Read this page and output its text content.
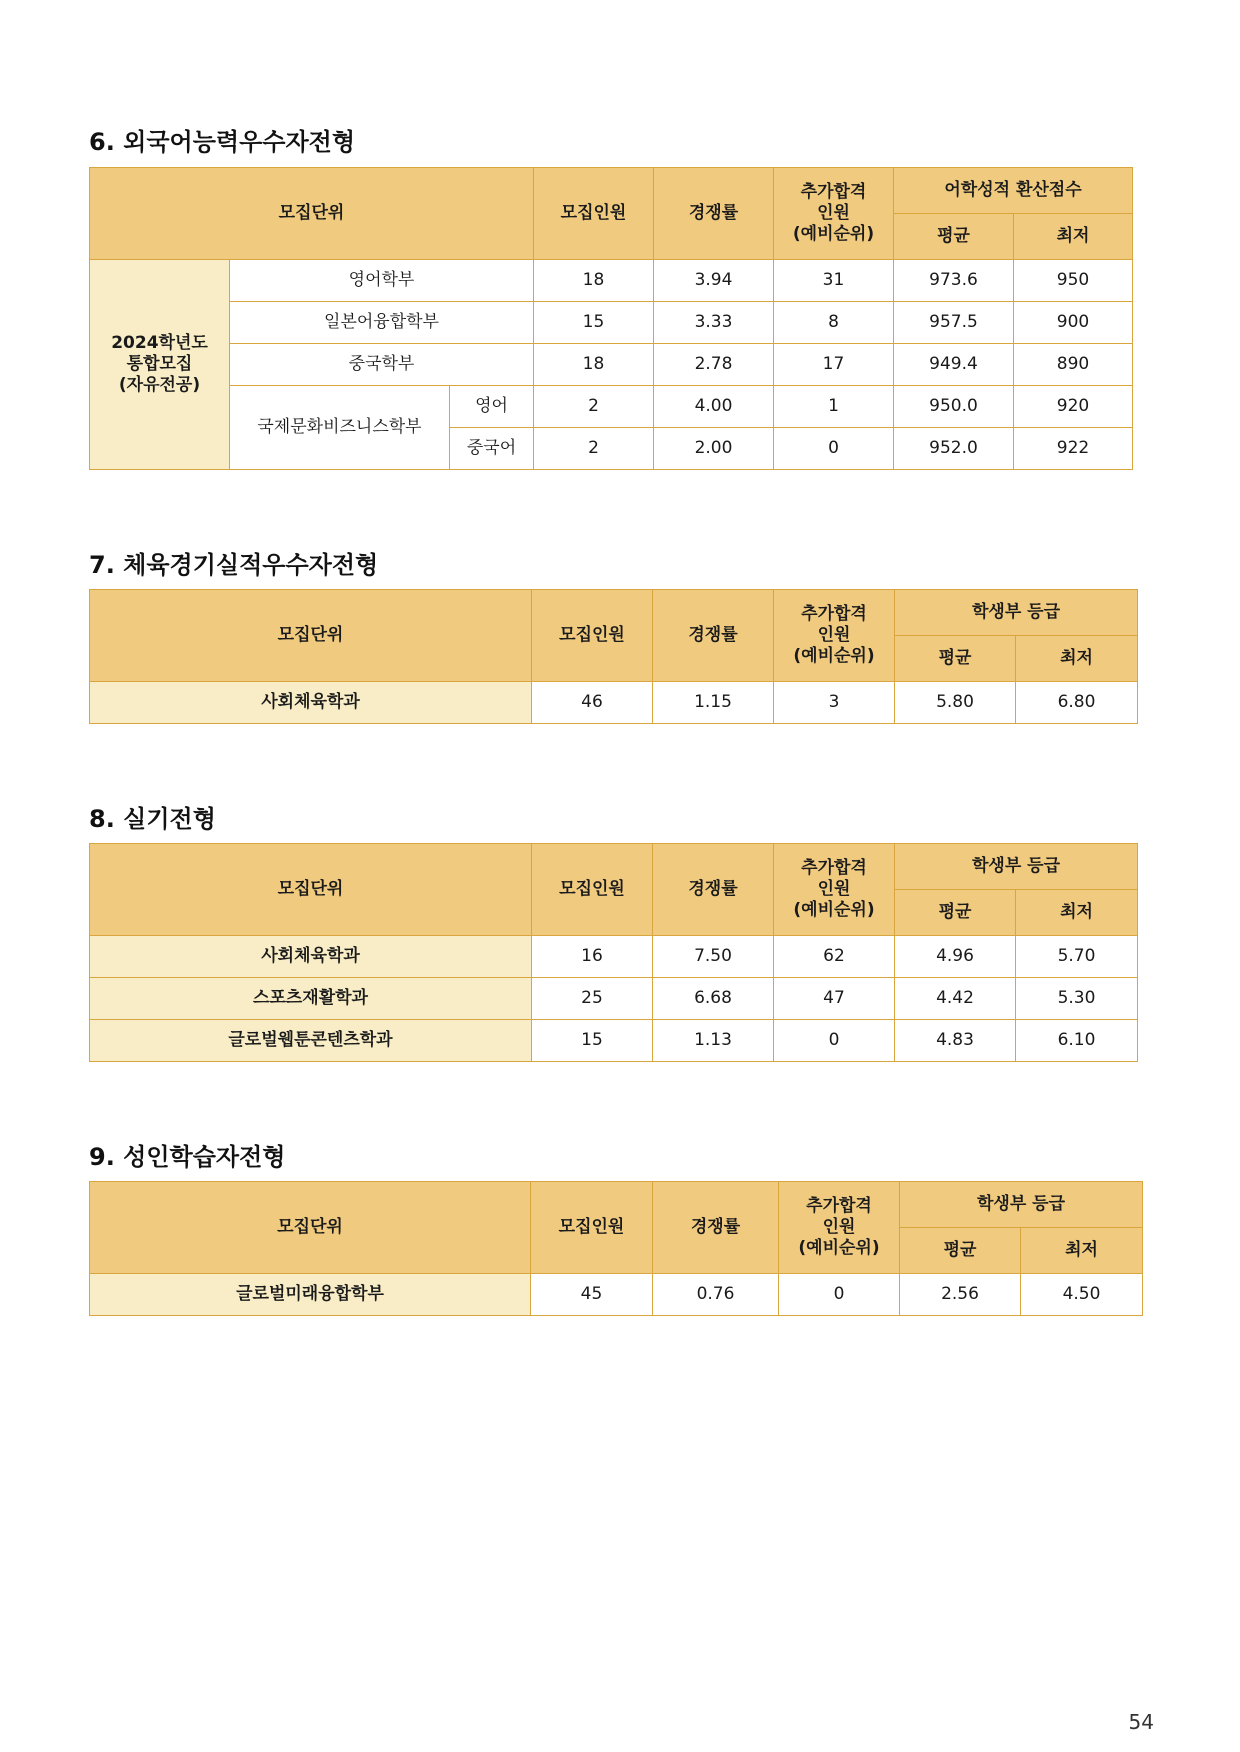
6. 외국어능력우수자전형
모집단위			모집인원	경쟁률	추가합격
인원
(예비순위)	어학성적 환산점수	
						평균	최저

2024학년도
통합모집
(자유전공)	영어학부		18	3.94	31	973.6	950
	일본어융합학부		15	3.33	8	957.5	900
	중국학부		18	2.78	17	949.4	890
	국제문화비즈니스학부	영어	2	4.00	1	950.0	920
		중국어	2	2.00	0	952.0	922
7. 체육경기실적우수자전형
모집단위	모집인원	경쟁률	추가합격
인원
(예비순위)	학생부 등급	
				평균	최저
사회체육학과	46	1.15	3	5.80	6.80
8. 실기전형
모집단위	모집인원	경쟁률	추가합격
인원
(예비순위)	학생부 등급	
				평균	최저
사회체육학과	16	7.50	62	4.96	5.70
스포츠재활학과	25	6.68	47	4.42	5.30
글로벌웹툰콘텐츠학과	15	1.13	0	4.83	6.10
9. 성인학습자전형
모집단위	모집인원	경쟁률	추가합격
인원
(예비순위)	학생부 등급	
				평균	최저
글로벌미래융합학부	45	0.76	0	2.56	4.50
54
